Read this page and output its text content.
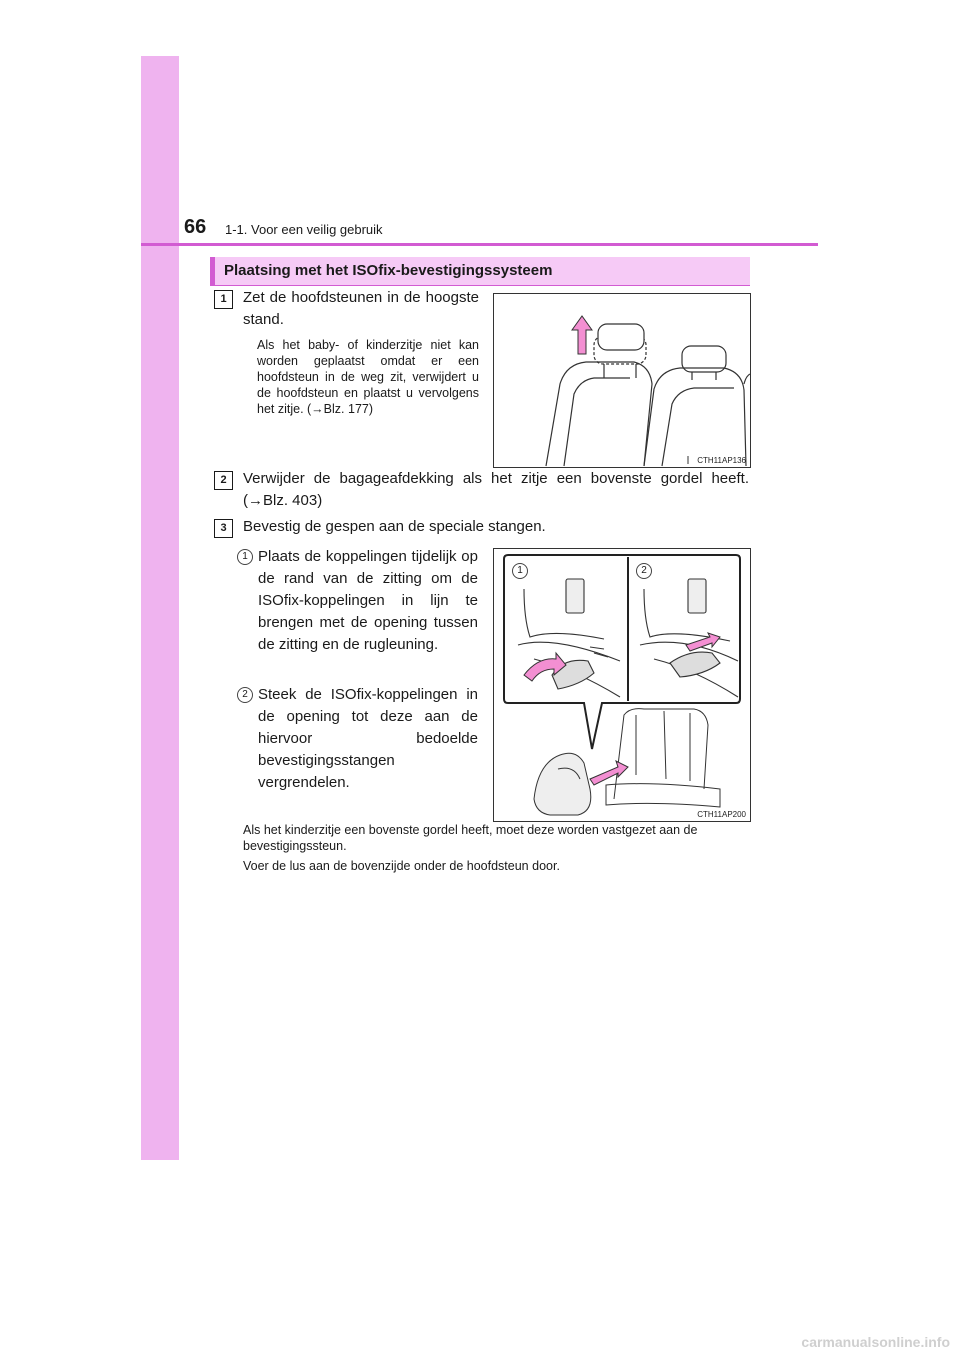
66 1-1. Voor een veilig gebruik
Plaatsing met het ISOfix-bevestigingssysteem
1	Zet de hoofdsteunen in de hoogste stand.
Als het baby- of kinderzitje niet kan worden geplaatst omdat er een hoofdsteun in de weg zit, verwijdert u de hoofdsteun en plaatst u vervolgens het zitje. (→Blz. 177)
CTH11AP136
2	Verwijder de bagageafdekking als het zitje een bovenste gordel heeft. (→Blz. 403)
3	Bevestig de gespen aan de speciale stangen.
1 Plaats de koppelingen tijdelijk op de rand van de zitting om de ISOfix-koppelingen in lijn te brengen met de opening tussen de zitting en de rugleuning.
2 Steek de ISOfix-koppelingen in de opening tot deze aan de hiervoor bedoelde bevestigingsstangen vergrendelen.
1	2
CTH11AP200
Als het kinderzitje een bovenste gordel heeft, moet deze worden vastgezet aan de bevestigingssteun.
Voer de lus aan de bovenzijde onder de hoofdsteun door.
carmanualsonline.info
